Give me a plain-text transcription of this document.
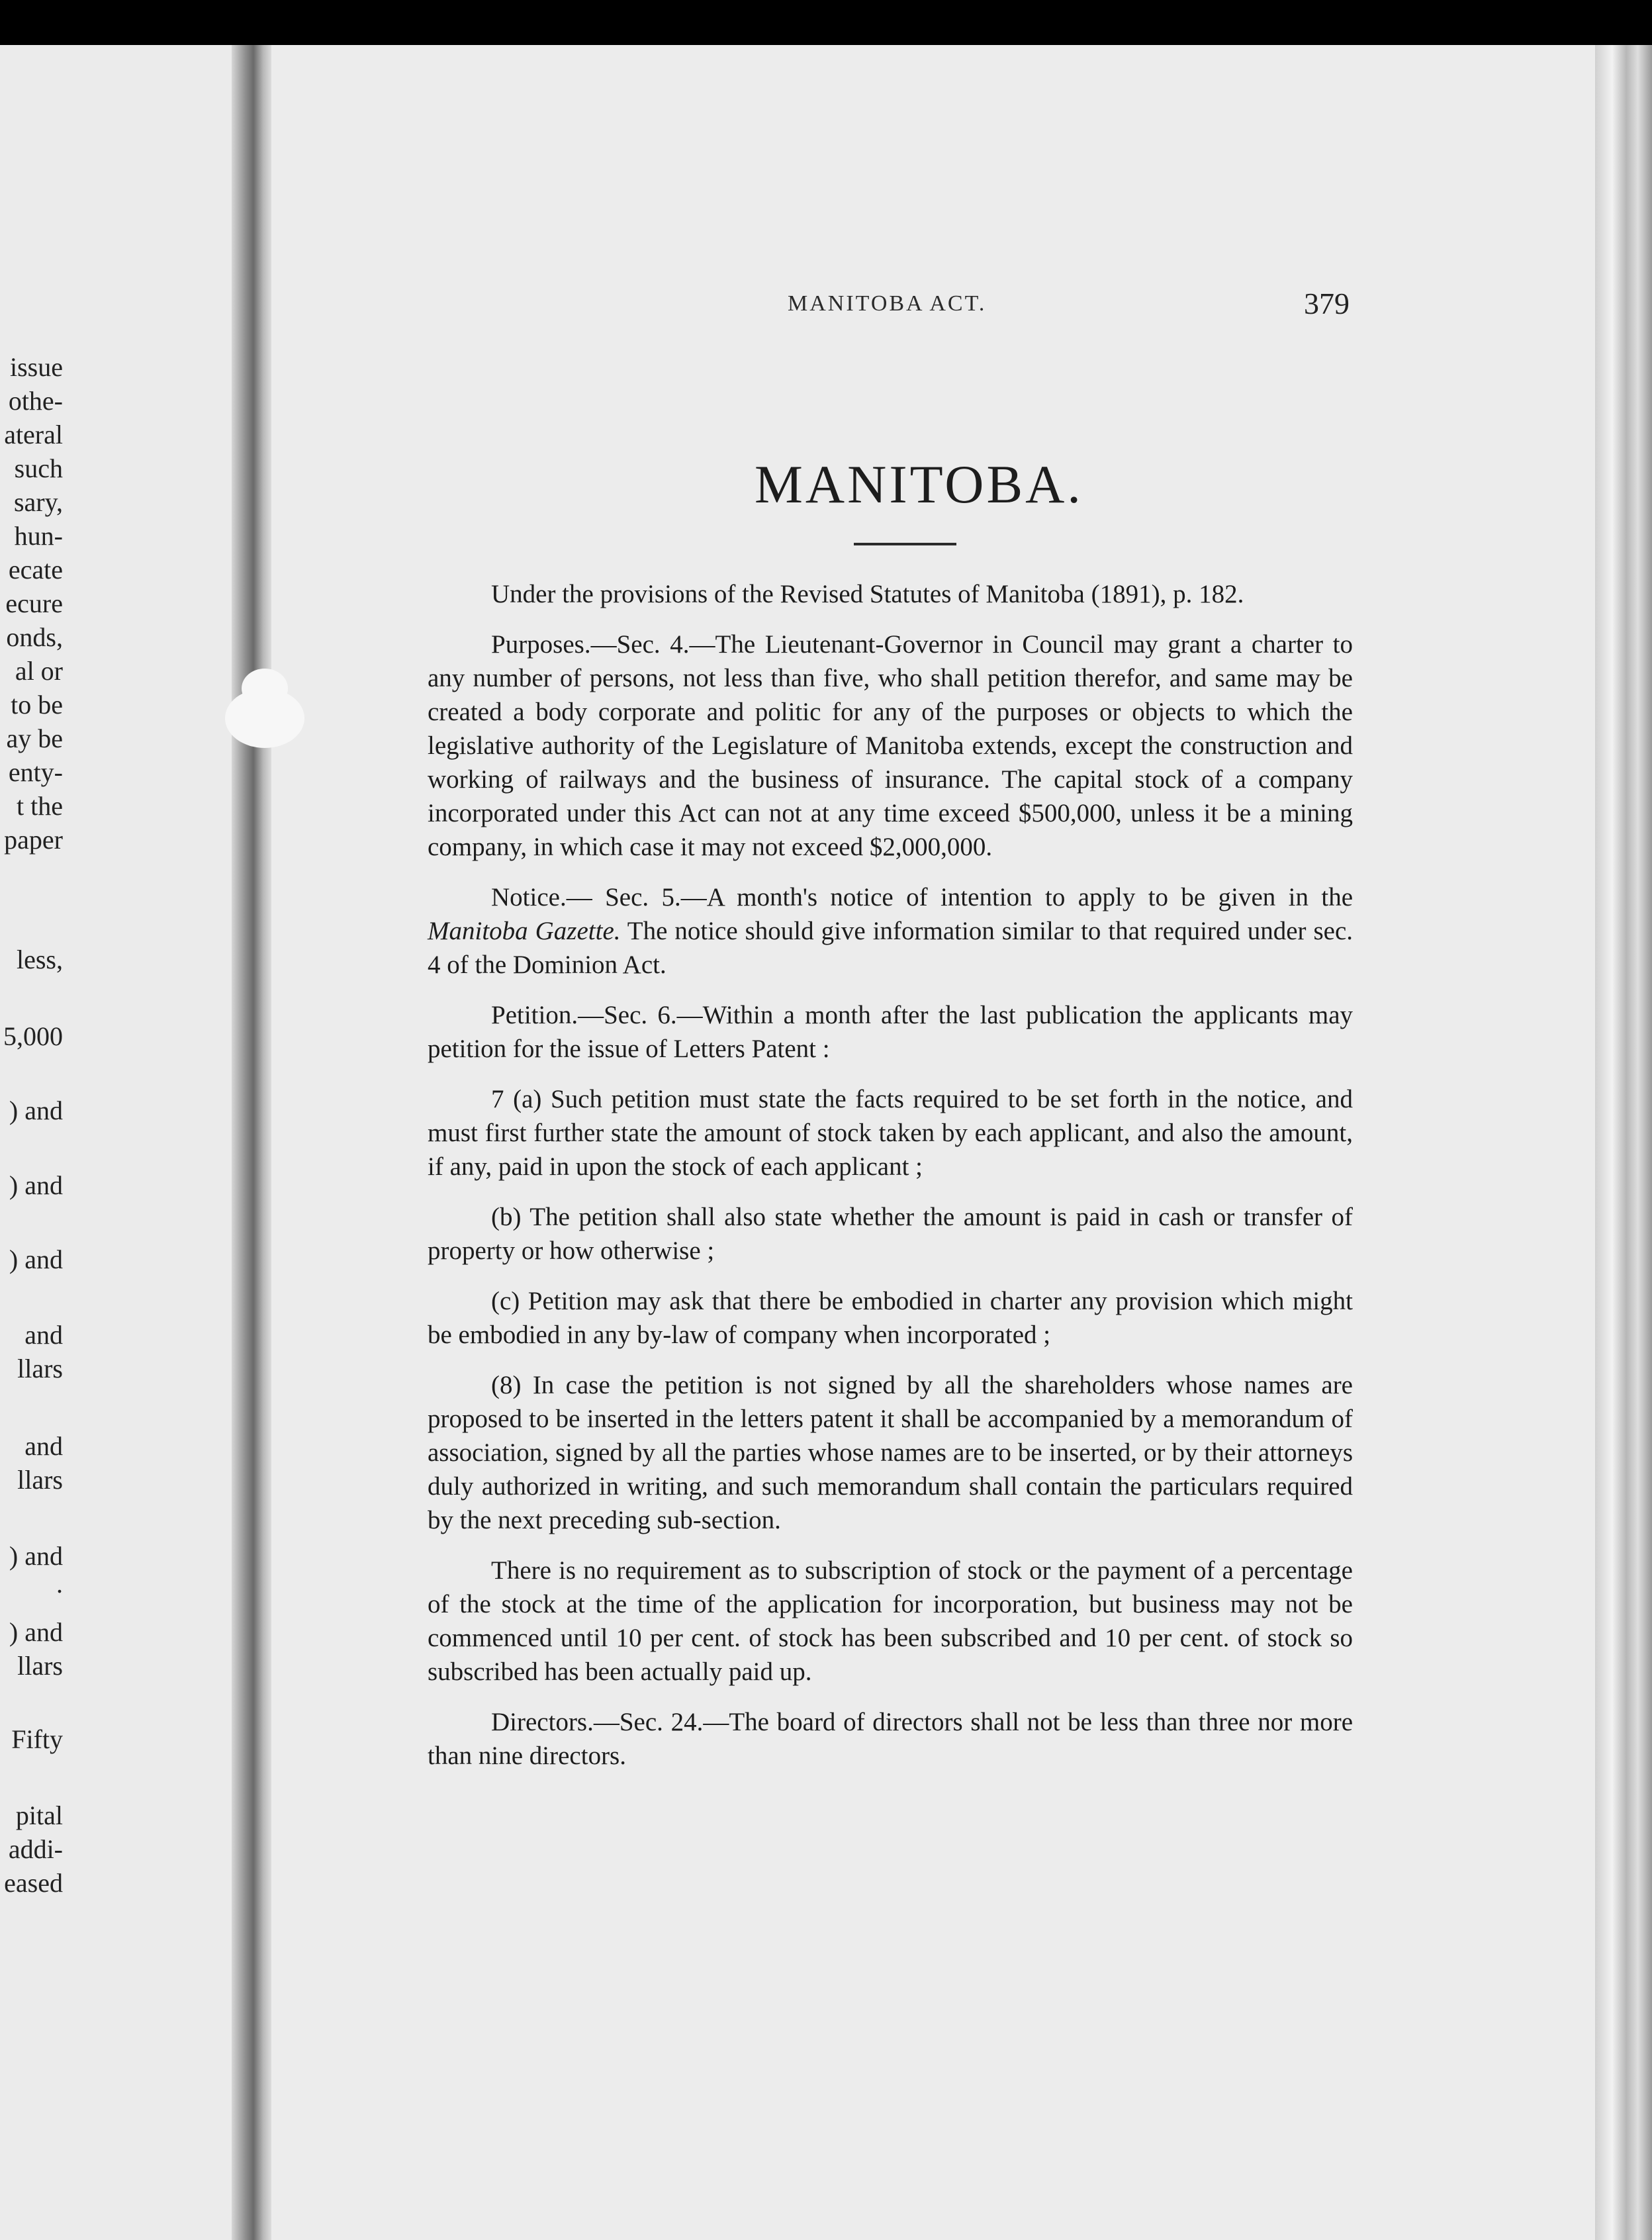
issue
othe-
ateral
such
sary,
hun-
ecate
ecure
onds,
al or
to be
ay be
enty-
t the
paper
less,
5,000
) and
) and
) and
and
llars
and
llars
) and
.
) and
llars
Fifty
pital
addi-
eased
MANITOBA ACT.	379
MANITOBA.

Under the provisions of the Revised Statutes of Manitoba (1891), p. 182.

Purposes.—Sec. 4.—The Lieutenant-Governor in Council may grant a charter to any number of persons, not less than five, who shall petition therefor, and same may be created a body corporate and politic for any of the purposes or objects to which the legislative authority of the Legislature of Manitoba extends, except the construction and working of railways and the business of insurance. The capital stock of a company incorporated under this Act can not at any time exceed $500,000, unless it be a mining company, in which case it may not exceed $2,000,000.

Notice.— Sec. 5.—A month's notice of intention to apply to be given in the Manitoba Gazette. The notice should give information similar to that required under sec. 4 of the Dominion Act.

Petition.—Sec. 6.—Within a month after the last publication the applicants may petition for the issue of Letters Patent :

7 (a) Such petition must state the facts required to be set forth in the notice, and must first further state the amount of stock taken by each applicant, and also the amount, if any, paid in upon the stock of each applicant ;

(b) The petition shall also state whether the amount is paid in cash or transfer of property or how otherwise ;

(c) Petition may ask that there be embodied in charter any provision which might be embodied in any by-law of company when incorporated ;

(8) In case the petition is not signed by all the shareholders whose names are proposed to be inserted in the letters patent it shall be accompanied by a memorandum of association, signed by all the parties whose names are to be inserted, or by their attorneys duly authorized in writing, and such memorandum shall contain the particulars required by the next preceding sub-section.

There is no requirement as to subscription of stock or the payment of a percentage of the stock at the time of the application for incorporation, but business may not be commenced until 10 per cent. of stock has been subscribed and 10 per cent. of stock so subscribed has been actually paid up.

Directors.—Sec. 24.—The board of directors shall not be less than three nor more than nine directors.
